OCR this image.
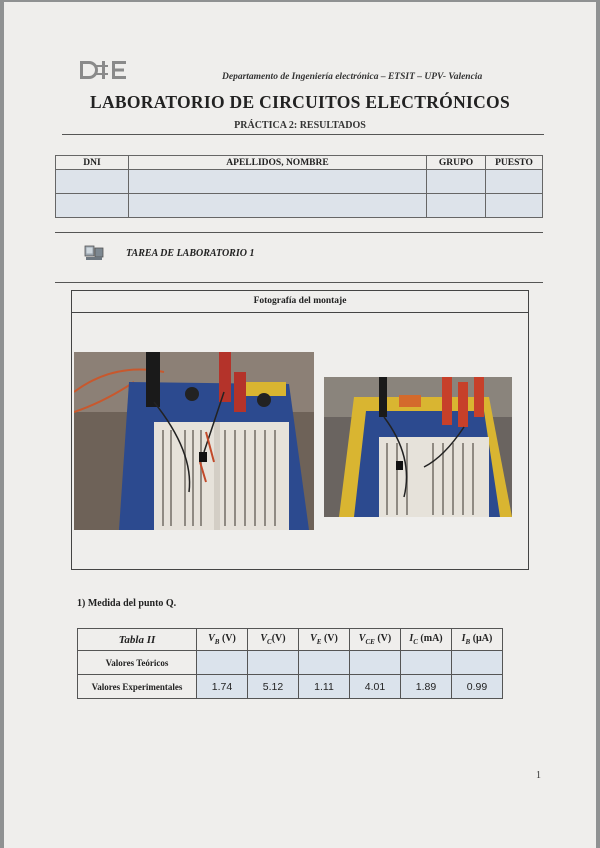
Departamento de Ingeniería electrónica – ETSIT – UPV- Valencia
LABORATORIO DE CIRCUITOS ELECTRÓNICOS
PRÁCTICA 2: RESULTADOS
DNI	APELLIDOS, NOMBRE	GRUPO	PUESTO

TAREA DE LABORATORIO 1
Fotografía del montaje
1) Medida del punto Q.
Tabla II	$V_B$ (V)	$V_C(V)$	$V_E$ (V)	$V_{CE}$ (V)	$I_C$ (mA)	$I_B$ (µA)
Valores Teóricos						
Valores Experimentales	1.74	5.12	1.11	4.01	1.89	0.99
1
